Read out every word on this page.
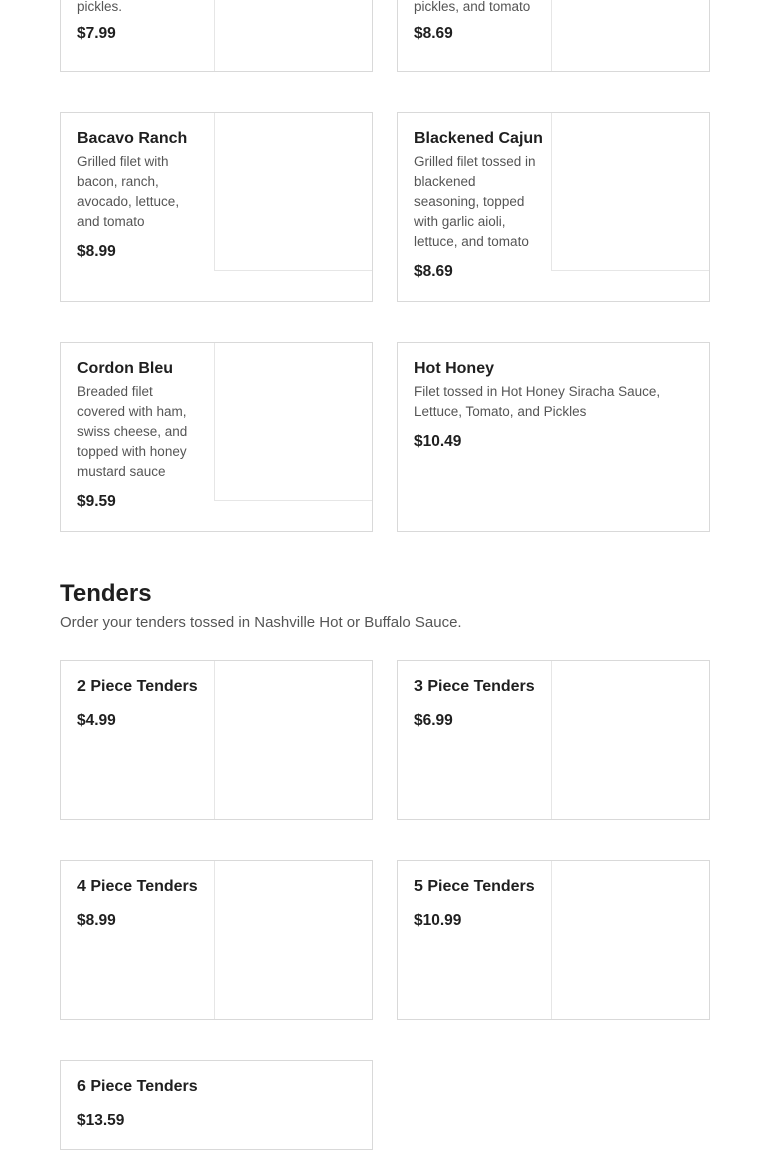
pickles.
$7.99
pickles, and tomato
$8.69
Bacavo Ranch
Grilled filet with bacon, ranch, avocado, lettuce, and tomato
$8.99
Blackened Cajun
Grilled filet tossed in blackened seasoning, topped with garlic aioli, lettuce, and tomato
$8.69
Cordon Bleu
Breaded filet covered with ham, swiss cheese, and topped with honey mustard sauce
$9.59
Hot Honey
Filet tossed in Hot Honey Siracha Sauce, Lettuce, Tomato, and Pickles
$10.49
Tenders
Order your tenders tossed in Nashville Hot or Buffalo Sauce.
2 Piece Tenders
$4.99
3 Piece Tenders
$6.99
4 Piece Tenders
$8.99
5 Piece Tenders
$10.99
6 Piece Tenders
$13.59
